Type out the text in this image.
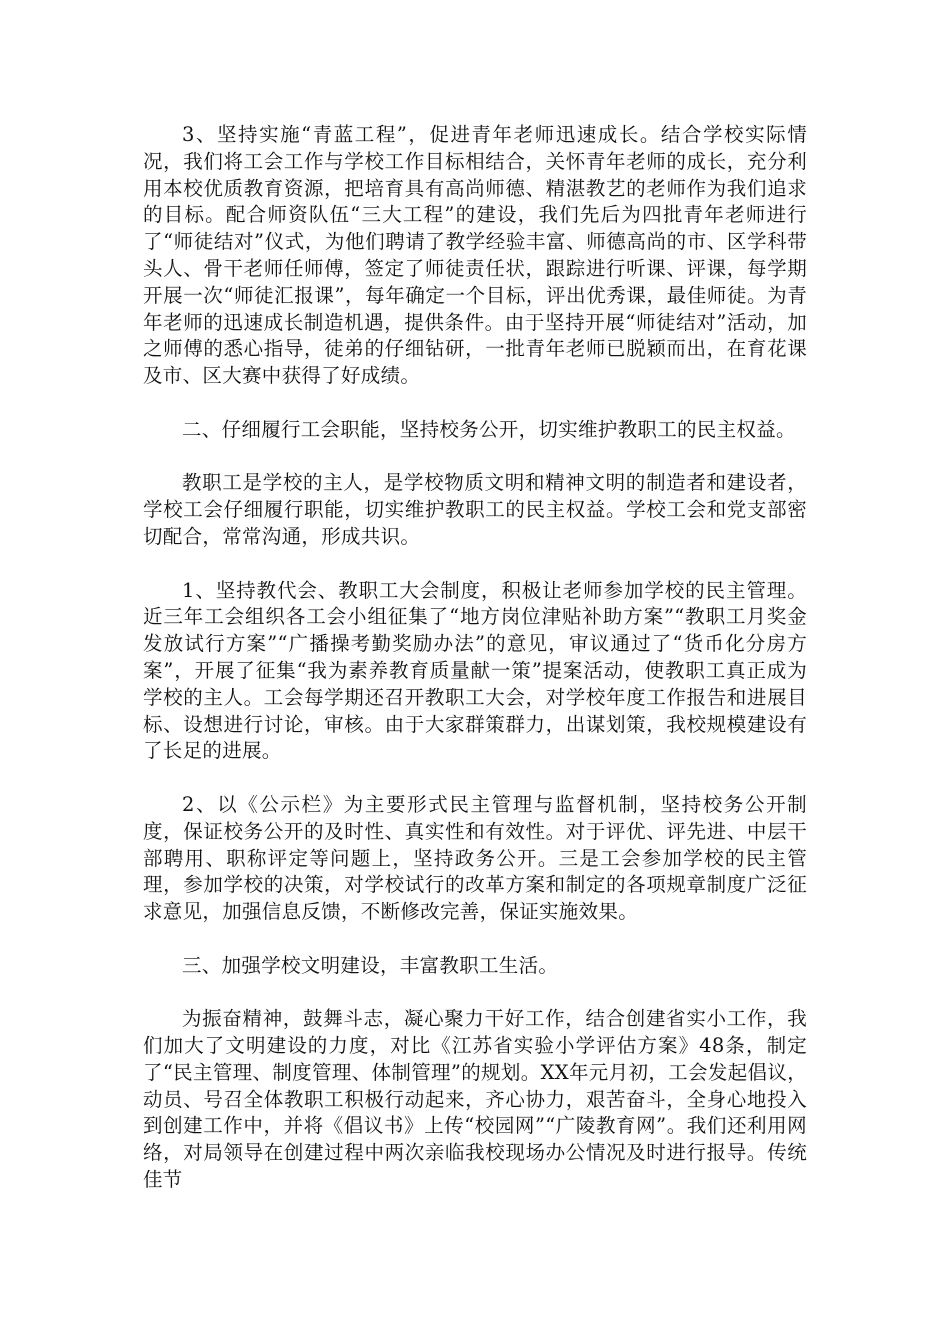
3、坚持实施“青蓝工程”，促进青年老师迅速成长。结合学校实际情况，我们将工会工作与学校工作目标相结合，关怀青年老师的成长，充分利用本校优质教育资源，把培育具有高尚师德、精湛教艺的老师作为我们追求的目标。配合师资队伍“三大工程”的建设，我们先后为四批青年老师进行了“师徒结对”仪式，为他们聘请了教学经验丰富、师德高尚的市、区学科带头人、骨干老师任师傅，签定了师徒责任状，跟踪进行听课、评课，每学期开展一次“师徒汇报课”，每年确定一个目标，评出优秀课，最佳师徒。为青年老师的迅速成长制造机遇，提供条件。由于坚持开展“师徒结对”活动，加之师傅的悉心指导，徒弟的仔细钻研，一批青年老师已脱颖而出，在育花课及市、区大赛中获得了好成绩。

二、仔细履行工会职能，坚持校务公开，切实维护教职工的民主权益。

教职工是学校的主人，是学校物质文明和精神文明的制造者和建设者，学校工会仔细履行职能，切实维护教职工的民主权益。学校工会和党支部密切配合，常常沟通，形成共识。

1、坚持教代会、教职工大会制度，积极让老师参加学校的民主管理。近三年工会组织各工会小组征集了“地方岗位津贴补助方案”“教职工月奖金发放试行方案”“广播操考勤奖励办法”的意见，审议通过了“货币化分房方案”，开展了征集“我为素养教育质量献一策”提案活动，使教职工真正成为学校的主人。工会每学期还召开教职工大会，对学校年度工作报告和进展目标、设想进行讨论，审核。由于大家群策群力，出谋划策，我校规模建设有了长足的进展。

2、以《公示栏》为主要形式民主管理与监督机制，坚持校务公开制度，保证校务公开的及时性、真实性和有效性。对于评优、评先进、中层干部聘用、职称评定等问题上，坚持政务公开。三是工会参加学校的民主管理，参加学校的决策，对学校试行的改革方案和制定的各项规章制度广泛征求意见，加强信息反馈，不断修改完善，保证实施效果。

三、加强学校文明建设，丰富教职工生活。

为振奋精神，鼓舞斗志，凝心聚力干好工作，结合创建省实小工作，我们加大了文明建设的力度，对比《江苏省实验小学评估方案》48条，制定了“民主管理、制度管理、体制管理”的规划。XX年元月初，工会发起倡议，动员、号召全体教职工积极行动起来，齐心协力，艰苦奋斗，全身心地投入到创建工作中，并将《倡议书》上传“校园网”“广陵教育网”。我们还利用网络，对局领导在创建过程中两次亲临我校现场办公情况及时进行报导。传统佳节
